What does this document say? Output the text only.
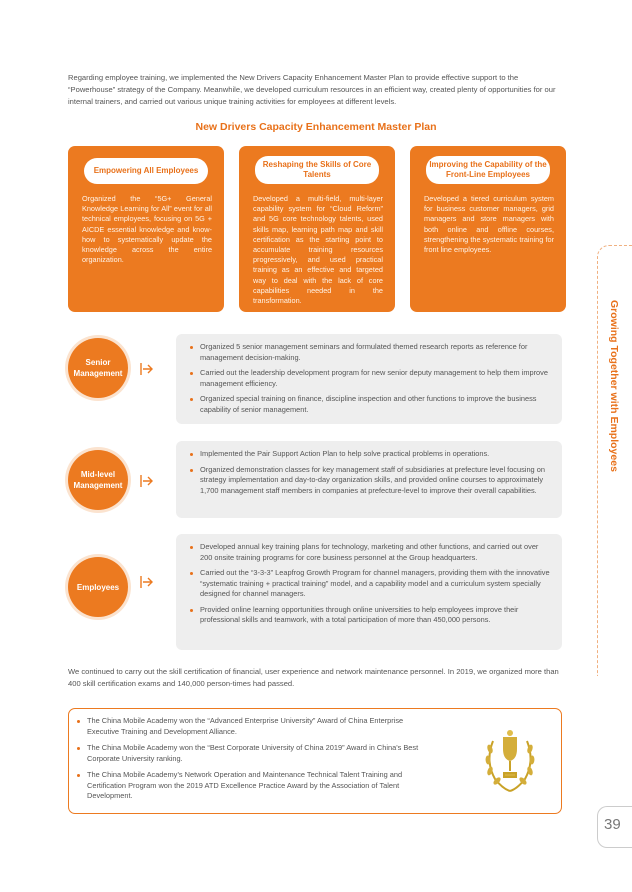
Regarding employee training, we implemented the New Drivers Capacity Enhancement Master Plan to provide effective support to the “Powerhouse” strategy of the Company. Meanwhile, we developed curriculum resources in an efficient way, created plenty of opportunities for our internal trainers, and carried out various unique training activities for employees at different levels.

New Drivers Capacity Enhancement Master Plan
Empowering All Employees

Organized the “5G+ General Knowledge Learning for All” event for all technical employees, focusing on 5G + AICDE essential knowledge and know-how to systematically update the knowledge across the entire organization.

Reshaping the Skills of Core Talents

Developed a multi-field, multi-layer capability system for “Cloud Reform” and 5G core technology talents, used skills map, learning path map and skill certification as the starting point to accumulate training resources progressively, and used practical training as an effective and targeted way to deal with the lack of core capabilities needed in the transformation.

Improving the Capability of the Front-Line Employees

Developed a tiered curriculum system for business customer managers, grid managers and store managers with both online and offline courses, strengthening the systematic training for front line employees.

Senior Management
Organized 5 senior management seminars and formulated themed research reports as reference for management decision-making.
Carried out the leadership development program for new senior deputy management to help them improve management efficiency.
Organized special training on finance, discipline inspection and other functions to improve the business capability of senior management.
Mid-level Management
Implemented the Pair Support Action Plan to help solve practical problems in operations.
Organized demonstration classes for key management staff of subsidiaries at prefecture level focusing on strategy implementation and day-to-day organization skills, and provided online courses to approximately 1,700 management staff members in companies at prefecture-level to improve their overall capabilities.
Employees
Developed annual key training plans for technology, marketing and other functions, and carried out over 200 onsite training programs for core business personnel at the Group headquarters.
Carried out the “3-3-3” Leapfrog Growth Program for channel managers, providing them with the innovative “systematic training + practical training” model, and a capability model and a curriculum system specially designed for channel managers.
Provided online learning opportunities through online universities to help employees improve their professional skills and teamwork, with a total participation of more than 450,000 persons.

We continued to carry out the skill certification of financial, user experience and network maintenance personnel. In 2019, we organized more than 400 skill certification exams and 140,000 person-times had passed.

The China Mobile Academy won the “Advanced Enterprise University” Award of China Enterprise Executive Training and Development Alliance.
The China Mobile Academy won the “Best Corporate University of China 2019” Award in China's Best Corporate University ranking.
The China Mobile Academy’s Network Operation and Maintenance Technical Talent Training and Certification Program won the 2019 ATD Excellence Practice Award by the Association of Talent Development.
Growing Together with Employees
39
